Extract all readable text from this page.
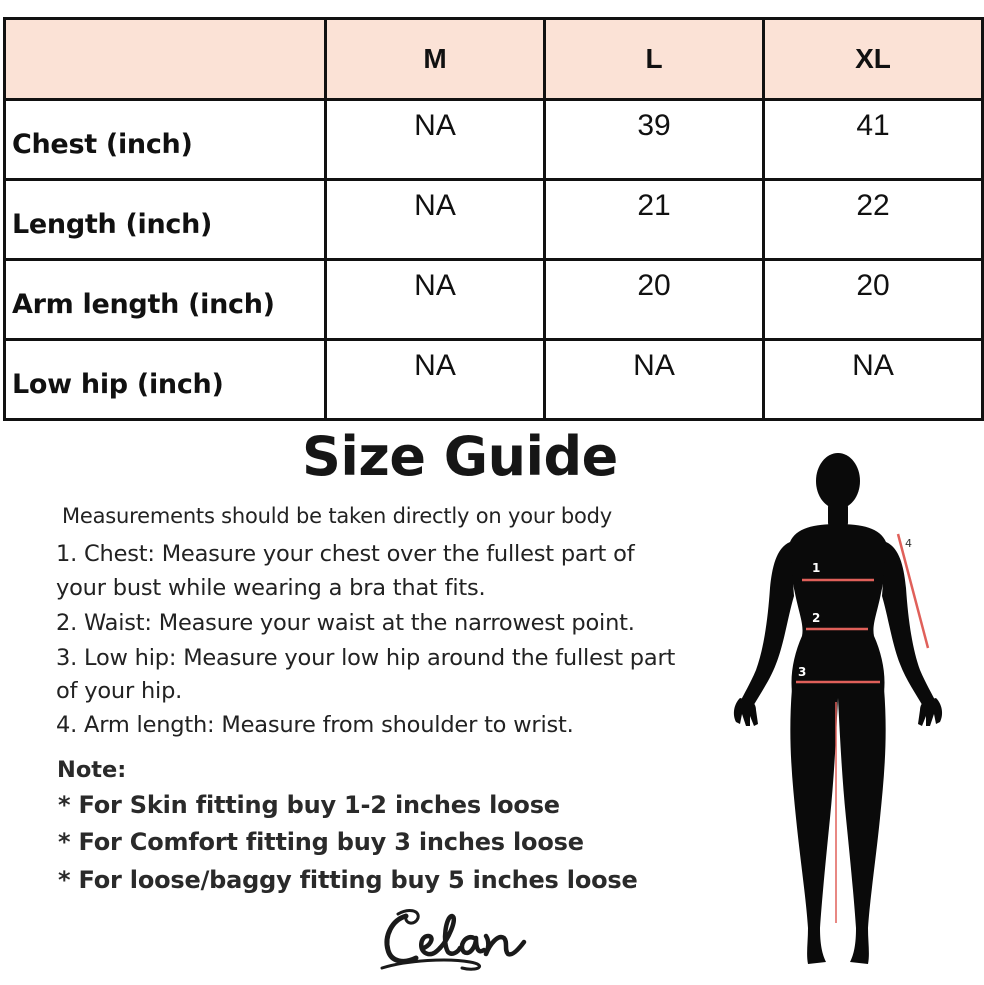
	M	L	XL
Chest (inch)	NA	39	41
Length (inch)	NA	21	22
Arm length (inch)	NA	20	20
Low hip (inch)	NA	NA	NA
Size Guide
Measurements should be taken directly on your body
1. Chest: Measure your chest over the fullest part of
your bust while wearing a bra that fits.
2. Waist: Measure your waist at the narrowest point.
3. Low hip: Measure your low hip around the fullest part
of your hip.
4. Arm length: Measure from shoulder to wrist.
Note:
* For Skin fitting buy 1-2 inches loose
* For Comfort fitting buy 3 inches loose
* For loose/baggy fitting buy 5 inches loose
1
2
3
4
